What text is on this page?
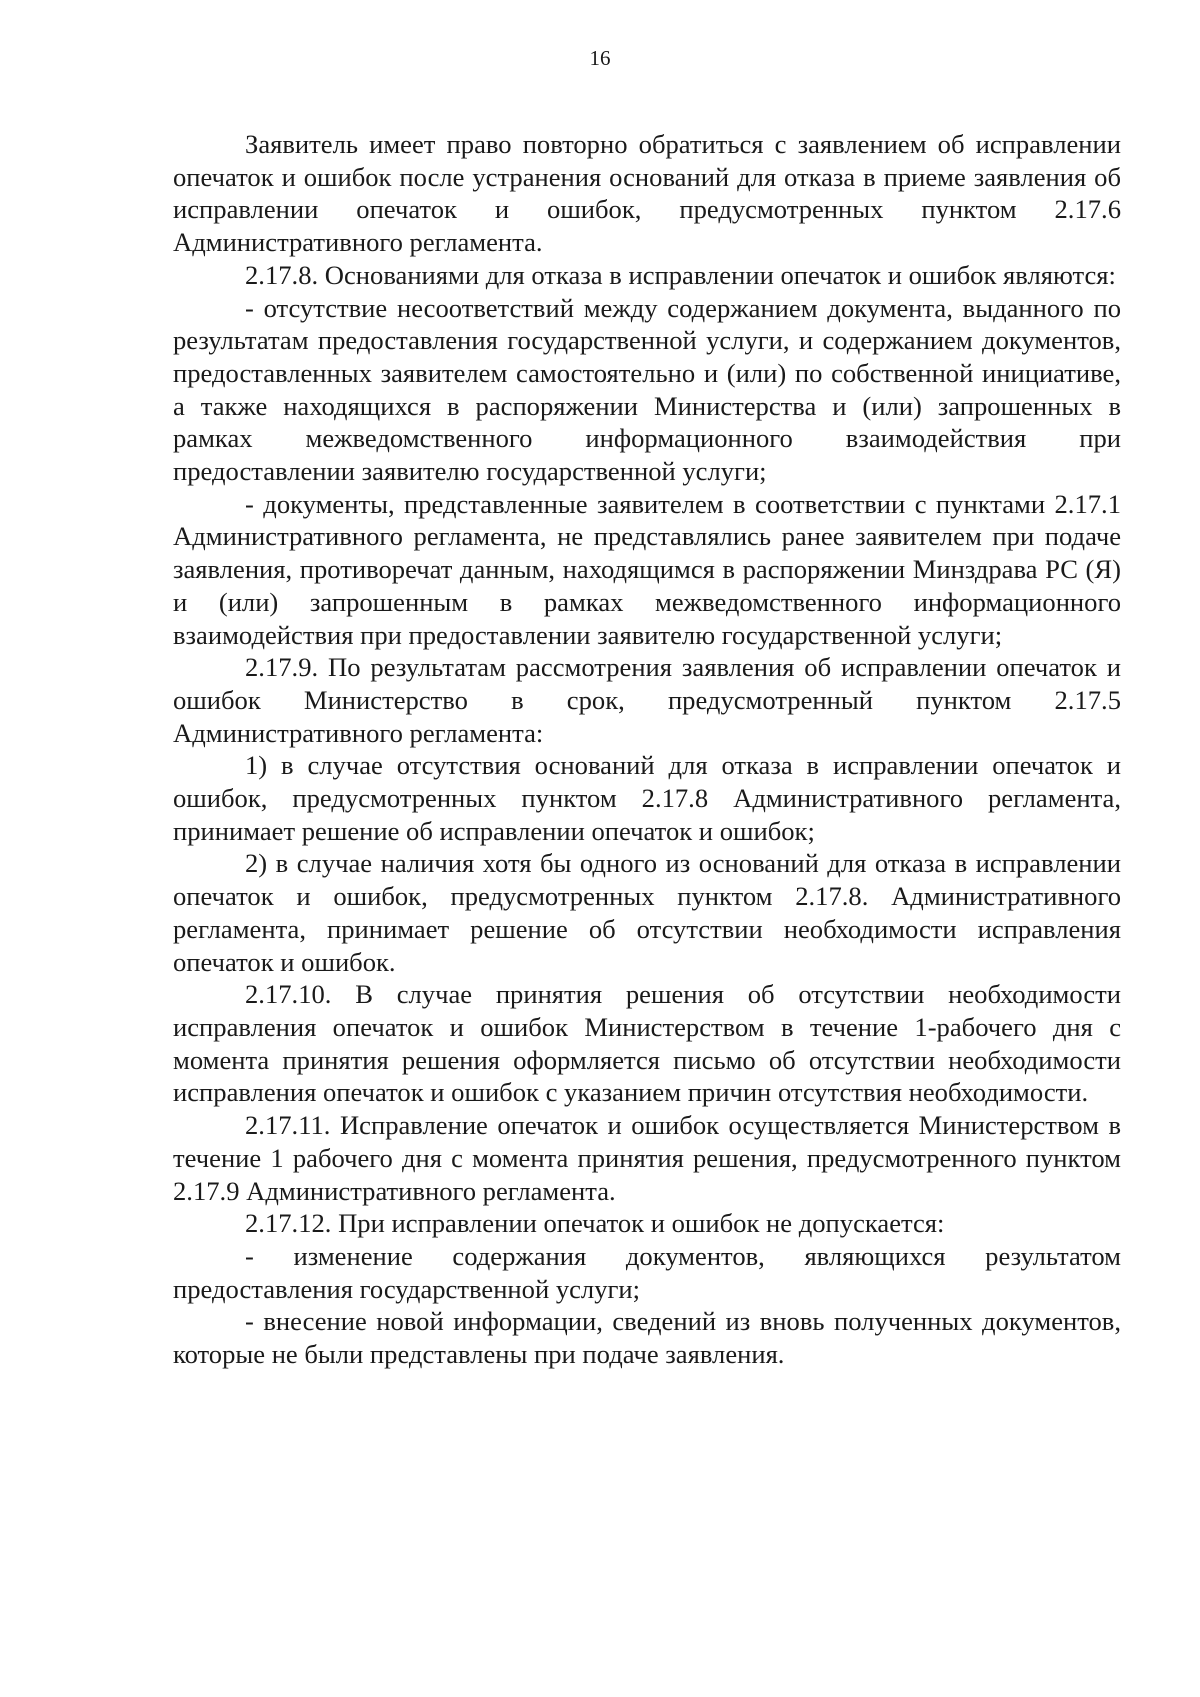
16

Заявитель имеет право повторно обратиться с заявлением об исправлении опечаток и ошибок после устранения оснований для отказа в приеме заявления об исправлении опечаток и ошибок, предусмотренных пунктом 2.17.6 Административного регламента.

2.17.8. Основаниями для отказа в исправлении опечаток и ошибок являются:

- отсутствие несоответствий между содержанием документа, выданного по результатам предоставления государственной услуги, и содержанием документов, предоставленных заявителем самостоятельно и (или) по собственной инициативе, а также находящихся в распоряжении Министерства и (или) запрошенных в рамках межведомственного информационного взаимодействия при предоставлении заявителю государственной услуги;

- документы, представленные заявителем в соответствии с пунктами 2.17.1 Административного регламента, не представлялись ранее заявителем при подаче заявления, противоречат данным, находящимся в распоряжении Минздрава РС (Я) и (или) запрошенным в рамках межведомственного информационного взаимодействия при предоставлении заявителю государственной услуги;

2.17.9. По результатам рассмотрения заявления об исправлении опечаток и ошибок Министерство в срок, предусмотренный пунктом 2.17.5 Административного регламента:

1) в случае отсутствия оснований для отказа в исправлении опечаток и ошибок, предусмотренных пунктом 2.17.8 Административного регламента, принимает решение об исправлении опечаток и ошибок;

2) в случае наличия хотя бы одного из оснований для отказа в исправлении опечаток и ошибок, предусмотренных пунктом 2.17.8. Административного регламента, принимает решение об отсутствии необходимости исправления опечаток и ошибок.

2.17.10. В случае принятия решения об отсутствии необходимости исправления опечаток и ошибок Министерством в течение 1-рабочего дня с момента принятия решения оформляется письмо об отсутствии необходимости исправления опечаток и ошибок с указанием причин отсутствия необходимости.

2.17.11. Исправление опечаток и ошибок осуществляется Министерством в течение 1 рабочего дня с момента принятия решения, предусмотренного пунктом 2.17.9 Административного регламента.

2.17.12. При исправлении опечаток и ошибок не допускается:

- изменение содержания документов, являющихся результатом предоставления государственной услуги;

- внесение новой информации, сведений из вновь полученных документов, которые не были представлены при подаче заявления.
